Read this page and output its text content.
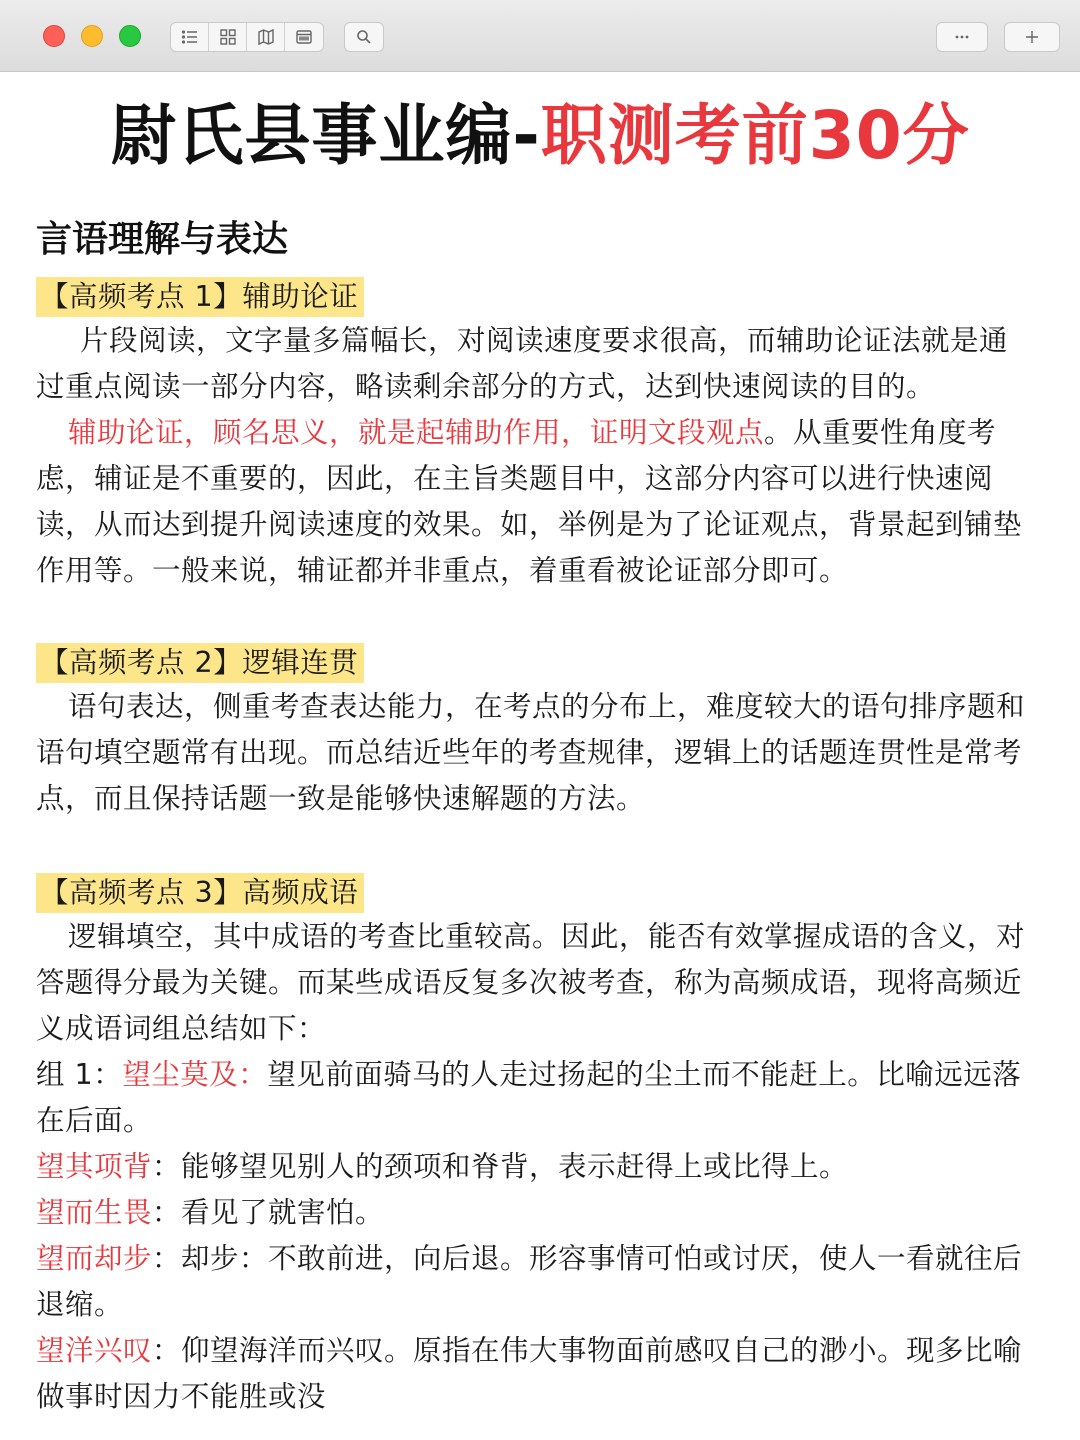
尉氏县事业编-职测考前30分
言语理解与表达
【高频考点 1】辅助论证
片段阅读，文字量多篇幅长，对阅读速度要求很高，而辅助论证法就是通
过重点阅读一部分内容，略读剩余部分的方式，达到快速阅读的目的。
辅助论证，顾名思义，就是起辅助作用，证明文段观点。从重要性角度考
虑，辅证是不重要的，因此，在主旨类题目中，这部分内容可以进行快速阅
读，从而达到提升阅读速度的效果。如，举例是为了论证观点，背景起到铺垫
作用等。一般来说，辅证都并非重点，着重看被论证部分即可。
【高频考点 2】逻辑连贯
语句表达，侧重考查表达能力，在考点的分布上，难度较大的语句排序题和
语句填空题常有出现。而总结近些年的考查规律，逻辑上的话题连贯性是常考
点，而且保持话题一致是能够快速解题的方法。
【高频考点 3】高频成语
逻辑填空，其中成语的考查比重较高。因此，能否有效掌握成语的含义，对
答题得分最为关键。而某些成语反复多次被考查，称为高频成语，现将高频近
义成语词组总结如下：
组 1：望尘莫及：望见前面骑马的人走过扬起的尘土而不能赶上。比喻远远落
在后面。
望其项背：能够望见别人的颈项和脊背，表示赶得上或比得上。
望而生畏：看见了就害怕。
望而却步：却步：不敢前进，向后退。形容事情可怕或讨厌，使人一看就往后
退缩。
望洋兴叹：仰望海洋而兴叹。原指在伟大事物面前感叹自己的渺小。现多比喻
做事时因力不能胜或没
